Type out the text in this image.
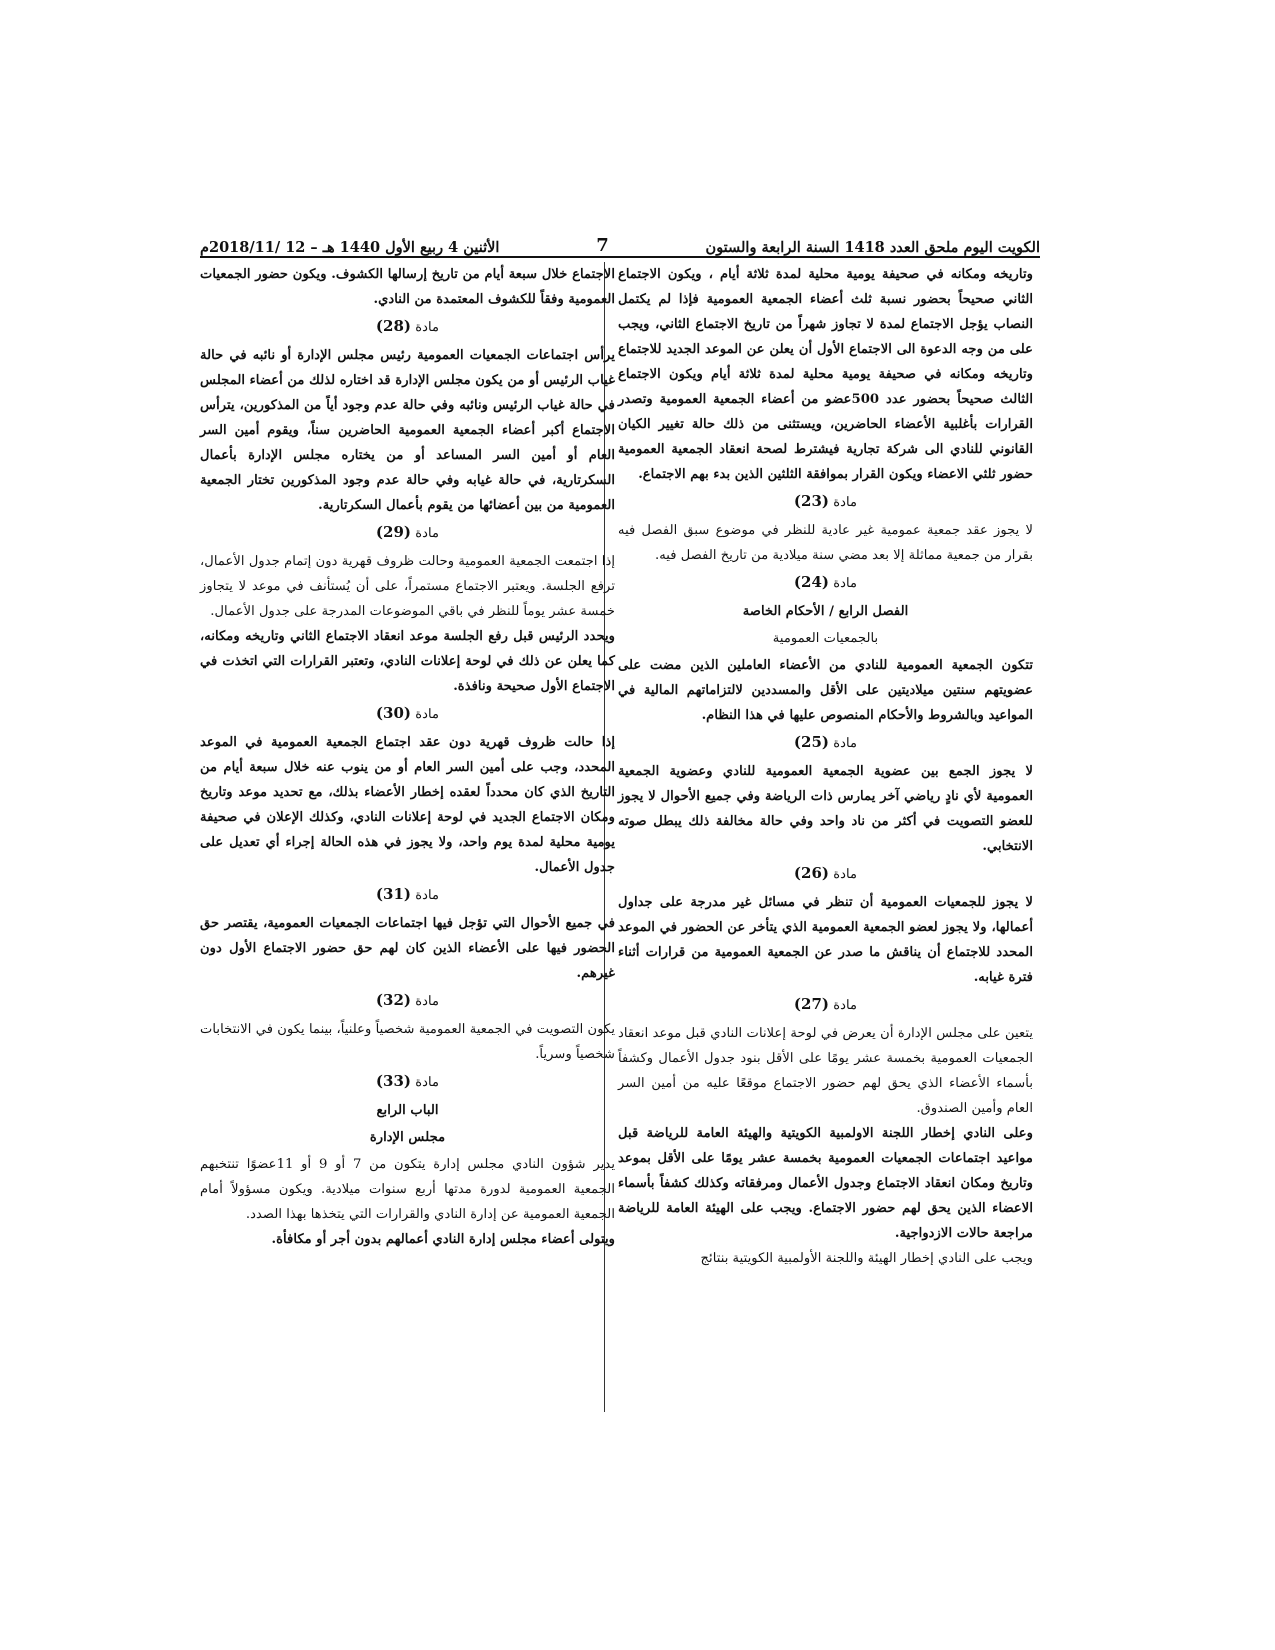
الكويت اليوم ملحق العدد 1418 السنة الرابعة والستون
7
الأثنين 4 ربيع الأول 1440 هـ – 12 /2018/11م

وتاريخه ومكانه في صحيفة يومية محلية لمدة ثلاثة أيام ، ويكون الاجتماع الثاني صحيحاً بحضور نسبة ثلث أعضاء الجمعية العمومية فإذا لم يكتمل النصاب يؤجل الاجتماع لمدة لا تجاوز شهراً من تاريخ الاجتماع الثاني، ويجب على من وجه الدعوة الى الاجتماع الأول أن يعلن عن الموعد الجديد للاجتماع وتاريخه ومكانه في صحيفة يومية محلية لمدة ثلاثة أيام ويكون الاجتماع الثالث صحيحاً بحضور عدد 500عضو من أعضاء الجمعية العمومية وتصدر القرارات بأغلبية الأعضاء الحاضرين، ويستثنى من ذلك حالة تغيير الكيان القانوني للنادي الى شركة تجارية فيشترط لصحة انعقاد الجمعية العمومية حضور ثلثي الاعضاء ويكون القرار بموافقة الثلثين الذين بدء بهم الاجتماع.

مادة (23)

لا يجوز عقد جمعية عمومية غير عادية للنظر في موضوع سبق الفصل فيه بقرار من جمعية مماثلة إلا بعد مضي سنة ميلادية من تاريخ الفصل فيه.

مادة (24)

الفصل الرابع / الأحكام الخاصة

بالجمعيات العمومية

تتكون الجمعية العمومية للنادي من الأعضاء العاملين الذين مضت على عضويتهم سنتين ميلاديتين على الأقل والمسددين لالتزاماتهم المالية في المواعيد وبالشروط والأحكام المنصوص عليها في هذا النظام.

مادة (25)

لا يجوز الجمع بين عضوية الجمعية العمومية للنادي وعضوية الجمعية العمومية لأي نادٍ رياضي آخر يمارس ذات الرياضة وفي جميع الأحوال لا يجوز للعضو التصويت في أكثر من ناد واحد وفي حالة مخالفة ذلك يبطل صوته الانتخابي.

مادة (26)

لا يجوز للجمعيات العمومية أن تنظر في مسائل غير مدرجة على جداول أعمالها، ولا يجوز لعضو الجمعية العمومية الذي يتأخر عن الحضور في الموعد المحدد للاجتماع أن يناقش ما صدر عن الجمعية العمومية من قرارات أثناء فترة غيابه.

مادة (27)

يتعين على مجلس الإدارة أن يعرض في لوحة إعلانات النادي قبل موعد انعقاد الجمعيات العمومية بخمسة عشر يومًا على الأقل بنود جدول الأعمال وكشفاً بأسماء الأعضاء الذي يحق لهم حضور الاجتماع موقعًا عليه من أمين السر العام وأمين الصندوق.

وعلى النادي إخطار اللجنة الاولمبية الكويتية والهيئة العامة للرياضة قبل مواعيد اجتماعات الجمعيات العمومية بخمسة عشر يومًا على الأقل بموعد وتاريخ ومكان انعقاد الاجتماع وجدول الأعمال ومرفقاته وكذلك كشفاً بأسماء الاعضاء الذين يحق لهم حضور الاجتماع. ويجب على الهيئة العامة للرياضة مراجعة حالات الازدواجية.

ويجب على النادي إخطار الهيئة واللجنة الأولمبية الكويتية بنتائج

الاجتماع خلال سبعة أيام من تاريخ إرسالها الكشوف. ويكون حضور الجمعيات العمومية وفقاً للكشوف المعتمدة من النادي.

مادة (28)

يرأس اجتماعات الجمعيات العمومية رئيس مجلس الإدارة أو نائبه في حالة غياب الرئيس أو من يكون مجلس الإدارة قد اختاره لذلك من أعضاء المجلس في حالة غياب الرئيس ونائبه وفي حالة عدم وجود أياً من المذكورين، يترأس الاجتماع أكبر أعضاء الجمعية العمومية الحاضرين سناً، ويقوم أمين السر العام أو أمين السر المساعد أو من يختاره مجلس الإدارة بأعمال السكرتارية، في حالة غيابه وفي حالة عدم وجود المذكورين تختار الجمعية العمومية من بين أعضائها من يقوم بأعمال السكرتارية.

مادة (29)

إذا اجتمعت الجمعية العمومية وحالت ظروف قهرية دون إتمام جدول الأعمال، ترفع الجلسة. ويعتبر الاجتماع مستمراً، على أن يُستأنف في موعد لا يتجاوز خمسة عشر يوماً للنظر في باقي الموضوعات المدرجة على جدول الأعمال.

ويحدد الرئيس قبل رفع الجلسة موعد انعقاد الاجتماع الثاني وتاريخه ومكانه، كما يعلن عن ذلك في لوحة إعلانات النادي، وتعتبر القرارات التي اتخذت في الاجتماع الأول صحيحة ونافذة.

مادة (30)

إذا حالت ظروف قهرية دون عقد اجتماع الجمعية العمومية في الموعد المحدد، وجب على أمين السر العام أو من ينوب عنه خلال سبعة أيام من التاريخ الذي كان محدداً لعقده إخطار الأعضاء بذلك، مع تحديد موعد وتاريخ ومكان الاجتماع الجديد في لوحة إعلانات النادي، وكذلك الإعلان في صحيفة يومية محلية لمدة يوم واحد، ولا يجوز في هذه الحالة إجراء أي تعديل على جدول الأعمال.

مادة (31)

في جميع الأحوال التي تؤجل فيها اجتماعات الجمعيات العمومية، يقتصر حق الحضور فيها على الأعضاء الذين كان لهم حق حضور الاجتماع الأول دون غيرهم.

مادة (32)

يكون التصويت في الجمعية العمومية شخصياً وعلنياً، بينما يكون في الانتخابات شخصياً وسرياً.

مادة (33)

الباب الرابع

مجلس الإدارة

يدير شؤون النادي مجلس إدارة يتكون من 7 أو 9 أو 11عضوًا تنتخبهم الجمعية العمومية لدورة مدتها أربع سنوات ميلادية. ويكون مسؤولاً أمام الجمعية العمومية عن إدارة النادي والقرارات التي يتخذها بهذا الصدد.

ويتولى أعضاء مجلس إدارة النادي أعمالهم بدون أجر أو مكافأة.
